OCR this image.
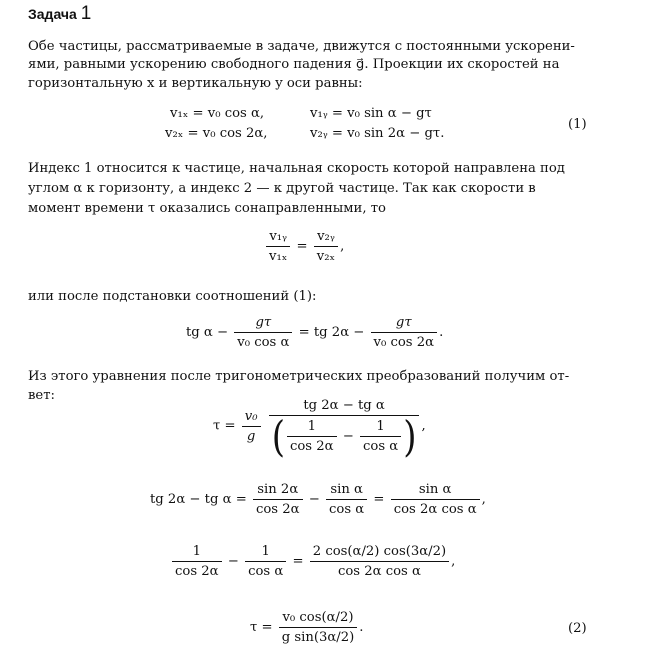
Задача 1
Обе частицы, рассматриваемые в задаче, движутся с постоянными ускорени-
ями, равными ускорению свободного падения g⃗. Проекции их скоростей на
горизонтальную x и вертикальную y оси равны:
v₁ₓ = v₀ cos α,	v₁ᵧ = v₀ sin α − gτ
v₂ₓ = v₀ cos 2α,	v₂ᵧ = v₀ sin 2α − gτ.
(1)
Индекс 1 относится к частице, начальная скорость которой направлена под
углом α к горизонту, а индекс 2 — к другой частице. Так как скорости в
момент времени τ оказались сонаправленными, то
$\frac{\text{v₁ᵧ}}{\text{v₁ₓ}} = \frac{\text{v₂ᵧ}}{\text{v₂ₓ}}$ ,
или после подстановки соотношений (1):
tg $\alpha - \frac{g\tau}{\text{v₀ cos α}}$ = tg $2\alpha - \frac{g\tau}{\text{v₀ cos 2α}}$ .
Из этого уравнения после тригонометрических преобразований получим от-
вет:
$\tau = \frac{\text{v₀}}{g}$
$\frac{\text{tg 2α − tg α}}{( \frac{1}{\cos 2\alpha} - \frac{1}{\text{cos α}} )}$ ,
tg 2α − tg $\alpha = \frac{\sin 2\alpha}{\cos 2\alpha} - \frac{\text{sin α}}{\text{cos α}} = \frac{\text{sin α}}{\text{cos 2α cos α}}$ ,
$\frac{1}{\cos 2\alpha} - \frac{1}{\text{cos α}} = \frac{2 \cos(\alpha/2) \cos(3\alpha/2)}{\text{cos 2α cos α}}$ ,
$\tau = \frac{\text{v₀ cos(α/2)}}{\text{g sin(3α/2)}}$ .	(2)
